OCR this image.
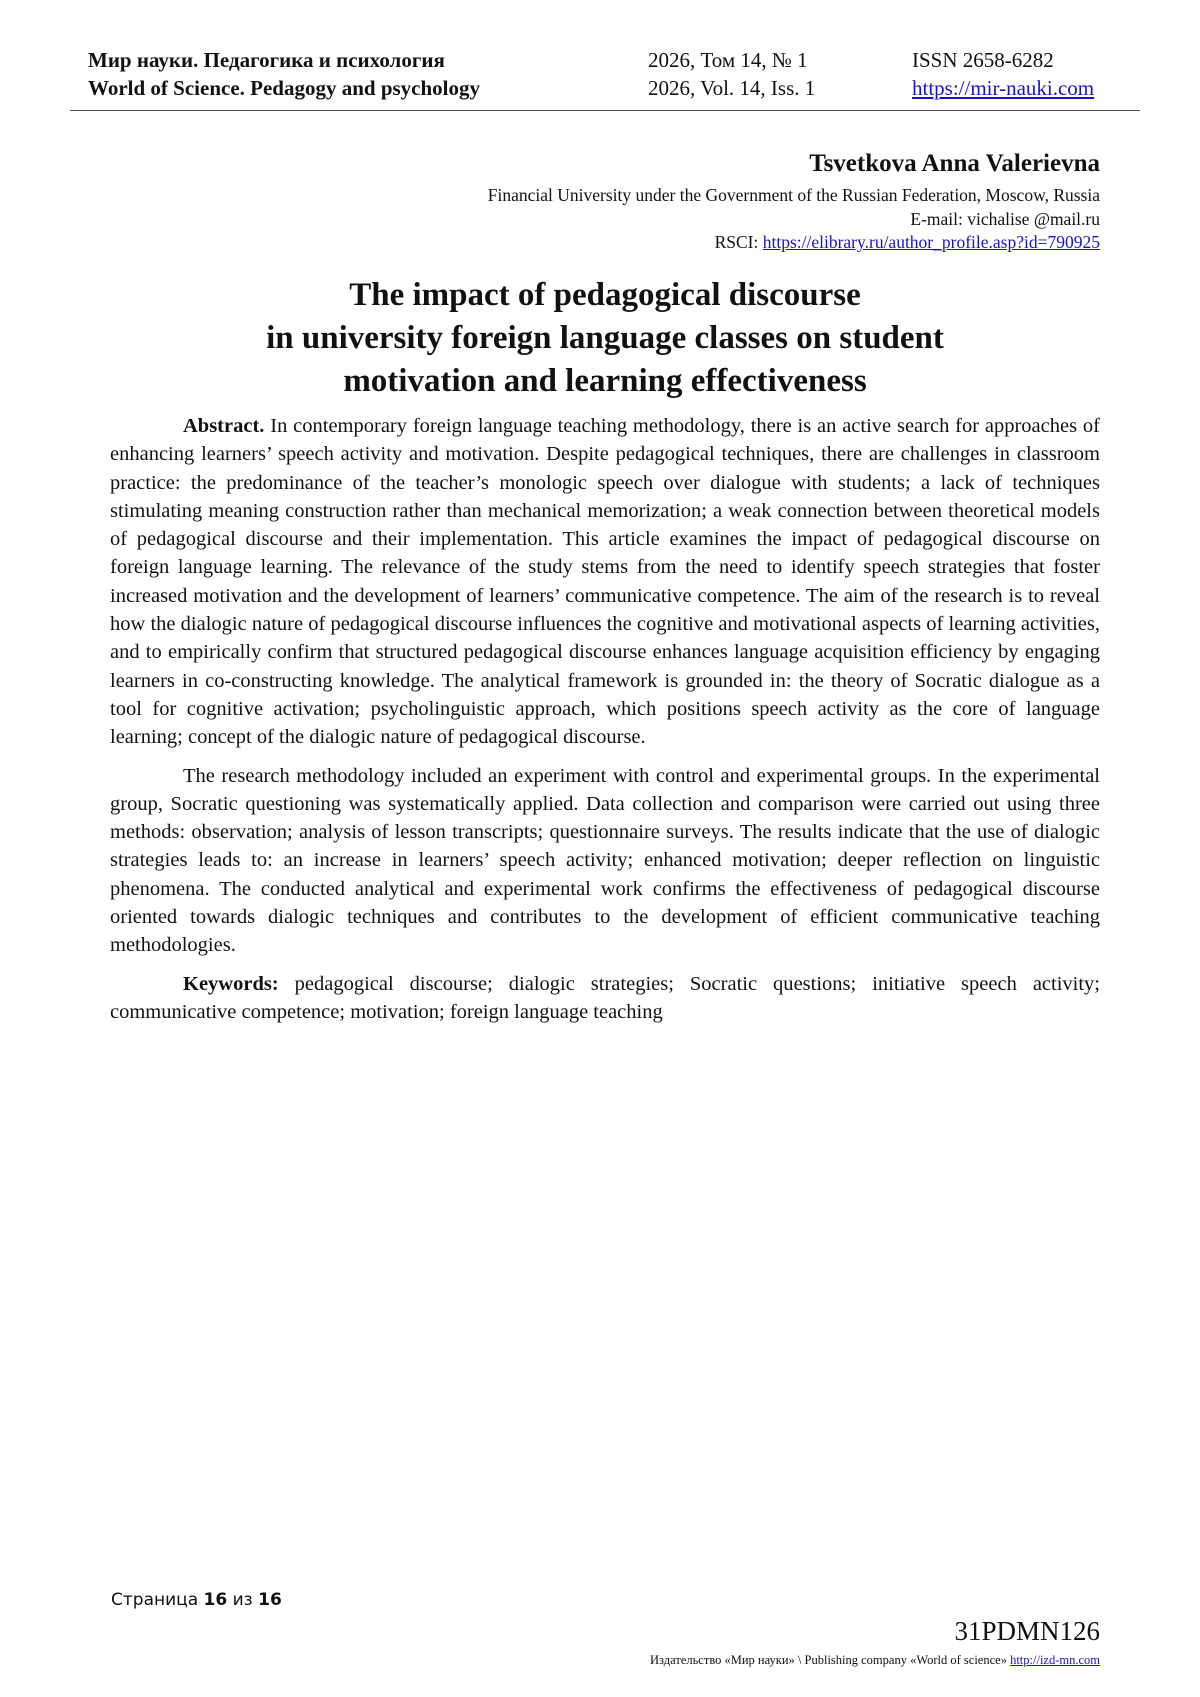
Мир науки. Педагогика и психология
World of Science. Pedagogy and psychology
2026, Том 14, № 1
2026, Vol. 14, Iss. 1
ISSN 2658-6282
https://mir-nauki.com
Tsvetkova Anna Valerievna
Financial University under the Government of the Russian Federation, Moscow, Russia
E-mail: vichalise @mail.ru
RSCI: https://elibrary.ru/author_profile.asp?id=790925
The impact of pedagogical discourse
in university foreign language classes on student
motivation and learning effectiveness

Abstract. In contemporary foreign language teaching methodology, there is an active search for approaches of enhancing learners’ speech activity and motivation. Despite pedagogical techniques, there are challenges in classroom practice: the predominance of the teacher’s monologic speech over dialogue with students; a lack of techniques stimulating meaning construction rather than mechanical memorization; a weak connection between theoretical models of pedagogical discourse and their implementation. This article examines the impact of pedagogical discourse on foreign language learning. The relevance of the study stems from the need to identify speech strategies that foster increased motivation and the development of learners’ communicative competence. The aim of the research is to reveal how the dialogic nature of pedagogical discourse influences the cognitive and motivational aspects of learning activities, and to empirically confirm that structured pedagogical discourse enhances language acquisition efficiency by engaging learners in co-constructing knowledge. The analytical framework is grounded in: the theory of Socratic dialogue as a tool for cognitive activation; psycholinguistic approach, which positions speech activity as the core of language learning; concept of the dialogic nature of pedagogical discourse.

The research methodology included an experiment with control and experimental groups. In the experimental group, Socratic questioning was systematically applied. Data collection and comparison were carried out using three methods: observation; analysis of lesson transcripts; questionnaire surveys. The results indicate that the use of dialogic strategies leads to: an increase in learners’ speech activity; enhanced motivation; deeper reflection on linguistic phenomena. The conducted analytical and experimental work confirms the effectiveness of pedagogical discourse oriented towards dialogic techniques and contributes to the development of efficient communicative teaching methodologies.

Keywords: pedagogical discourse; dialogic strategies; Socratic questions; initiative speech activity; communicative competence; motivation; foreign language teaching

Страница 16 из 16
31PDMN126
Издательство «Мир науки» \ Publishing company «World of science» http://izd-mn.com
